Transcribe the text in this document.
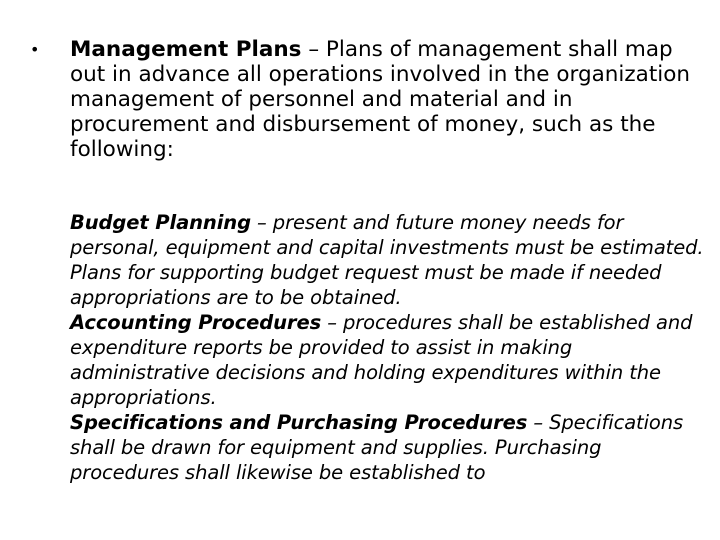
• Management Plans – Plans of management shall map out in advance all operations involved in the organization management of personnel and material and in procurement and disbursement of money, such as the following:

Budget Planning – present and future money needs for personal, equipment and capital investments must be estimated. Plans for supporting budget request must be made if needed appropriations are to be obtained.

Accounting Procedures – procedures shall be established and expenditure reports be provided to assist in making administrative decisions and holding expenditures within the appropriations.

Specifications and Purchasing Procedures – Specifications shall be drawn for equipment and supplies. Purchasing procedures shall likewise be established to
